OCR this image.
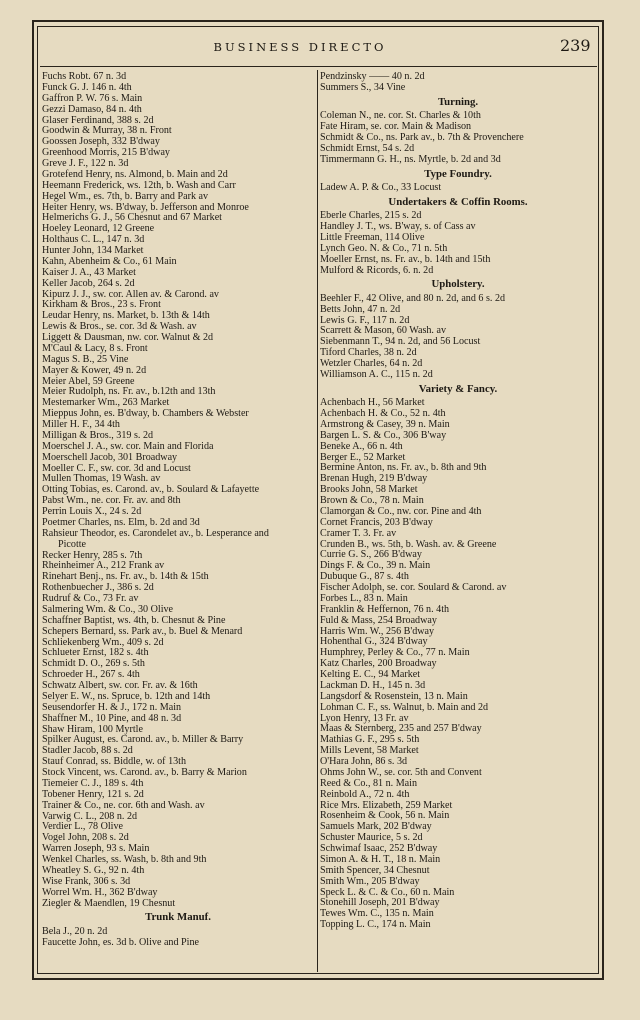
BUSINESS DIRECTO	239
Fuchs Robt. 67 n. 3d
Funck G. J. 146 n. 4th
Gaffron P. W. 76 s. Main
Gezzi Damaso, 84 n. 4th
Glaser Ferdinand, 388 s. 2d
Goodwin & Murray, 38 n. Front
Goossen Joseph, 332 B'dway
Greenhood Morris, 215 B'dway
Greve J. F., 122 n. 3d
Grotefend Henry, ns. Almond, b. Main and 2d
Heemann Frederick, ws. 12th, b. Wash and Carr
Hegel Wm., es. 7th, b. Barry and Park av
Heiter Henry, ws. B'dway, b. Jefferson and Monroe
Helmerichs G. J., 56 Chesnut and 67 Market
Hoeley Leonard, 12 Greene
Holthaus C. L., 147 n. 3d
Hunter John, 134 Market
Kahn, Abenheim & Co., 61 Main
Kaiser J. A., 43 Market
Keller Jacob, 264 s. 2d
Kipurz J. J., sw. cor. Allen av. & Carond. av
Kirkham & Bros., 23 s. Front
Leudar Henry, ns. Market, b. 13th & 14th
Lewis & Bros., se. cor. 3d & Wash. av
Liggett & Dausman, nw. cor. Walnut & 2d
M'Caul & Lacy, 8 s. Front
Magus S. B., 25 Vine
Mayer & Kower, 49 n. 2d
Meier Abel, 59 Greene
Meier Rudolph, ns. Fr. av., b.12th and 13th
Mestemarker Wm., 263 Market
Mieppus John, es. B'dway, b. Chambers & Webster
Miller H. F., 34 4th
Milligan & Bros., 319 s. 2d
Moerschel J. A., sw. cor. Main and Florida
Moerschell Jacob, 301 Broadway
Moeller C. F., sw. cor. 3d and Locust
Mullen Thomas, 19 Wash. av
Otting Tobias, es. Carond. av., b. Soulard & Lafayette
Pabst Wm., ne. cor. Fr. av. and 8th
Perrin Louis X., 24 s. 2d
Poetmer Charles, ns. Elm, b. 2d and 3d
Rahsieur Theodor, es. Carondelet av., b. Lesperance and
Picotte
Recker Henry, 285 s. 7th
Rheinheimer A., 212 Frank av
Rinehart Benj., ns. Fr. av., b. 14th & 15th
Rothenbuecher J., 386 s. 2d
Rudruf & Co., 73 Fr. av
Salmering Wm. & Co., 30 Olive
Schaffner Baptist, ws. 4th, b. Chesnut & Pine
Schepers Bernard, ss. Park av., b. Buel & Menard
Schliekenberg Wm., 409 s. 2d
Schlueter Ernst, 182 s. 4th
Schmidt D. O., 269 s. 5th
Schroeder H., 267 s. 4th
Schwatz Albert, sw. cor. Fr. av. & 16th
Selyer E. W., ns. Spruce, b. 12th and 14th
Seusendorfer H. & J., 172 n. Main
Shaffner M., 10 Pine, and 48 n. 3d
Shaw Hiram, 100 Myrtle
Spilker August, es. Carond. av., b. Miller & Barry
Stadler Jacob, 88 s. 2d
Stauf Conrad, ss. Biddle, w. of 13th
Stock Vincent, ws. Carond. av., b. Barry & Marion
Tiemeier C. J., 189 s. 4th
Tobener Henry, 121 s. 2d
Trainer & Co., ne. cor. 6th and Wash. av
Varwig C. L., 208 n. 2d
Verdier L., 78 Olive
Vogel John, 208 s. 2d
Warren Joseph, 93 s. Main
Wenkel Charles, ss. Wash, b. 8th and 9th
Wheatley S. G., 92 n. 4th
Wise Frank, 306 s. 3d
Worrel Wm. H., 362 B'dway
Ziegler & Maendlen, 19 Chesnut
Trunk Manuf.
Bela J., 20 n. 2d
Faucette John, es. 3d b. Olive and Pine
Pendzinsky —— 40 n. 2d
Summers S., 34 Vine
Turning.
Coleman N., ne. cor. St. Charles & 10th
Fate Hiram, se. cor. Main & Madison
Schmidt & Co., ns. Park av., b. 7th & Provenchere
Schmidt Ernst, 54 s. 2d
Timmermann G. H., ns. Myrtle, b. 2d and 3d
Type Foundry.
Ladew A. P. & Co., 33 Locust
Undertakers & Coffin Rooms.
Eberle Charles, 215 s. 2d
Handley J. T., ws. B'way, s. of Cass av
Little Freeman, 114 Olive
Lynch Geo. N. & Co., 71 n. 5th
Moeller Ernst, ns. Fr. av., b. 14th and 15th
Mulford & Ricords, 6. n. 2d
Upholstery.
Beehler F., 42 Olive, and 80 n. 2d, and 6 s. 2d
Betts John, 47 n. 2d
Lewis G. F., 117 n. 2d
Scarrett & Mason, 60 Wash. av
Siebenmann T., 94 n. 2d, and 56 Locust
Tiford Charles, 38 n. 2d
Wetzler Charles, 64 n. 2d
Williamson A. C., 115 n. 2d
Variety & Fancy.
Achenbach H., 56 Market
Achenbach H. & Co., 52 n. 4th
Armstrong & Casey, 39 n. Main
Bargen L. S. & Co., 306 B'way
Beneke A., 66 n. 4th
Berger E., 52 Market
Bermine Anton, ns. Fr. av., b. 8th and 9th
Brenan Hugh, 219 B'dway
Brooks John, 58 Market
Brown & Co., 78 n. Main
Clamorgan & Co., nw. cor. Pine and 4th
Cornet Francis, 203 B'dway
Cramer T. 3. Fr. av
Crunden B., ws. 5th, b. Wash. av. & Greene
Currie G. S., 266 B'dway
Dings F. & Co., 39 n. Main
Dubuque G., 87 s. 4th
Fischer Adolph, se. cor. Soulard & Carond. av
Forbes L., 83 n. Main
Franklin & Heffernon, 76 n. 4th
Fuld & Mass, 254 Broadway
Harris Wm. W., 256 B'dway
Hohenthal G., 324 B'dway
Humphrey, Perley & Co., 77 n. Main
Katz Charles, 200 Broadway
Kelting E. C., 94 Market
Lackman D. H., 145 n. 3d
Langsdorf & Rosenstein, 13 n. Main
Lohman C. F., ss. Walnut, b. Main and 2d
Lyon Henry, 13 Fr. av
Maas & Sternberg, 235 and 257 B'dway
Mathias G. F., 295 s. 5th
Mills Levent, 58 Market
O'Hara John, 86 s. 3d
Ohms John W., se. cor. 5th and Convent
Reed & Co., 81 n. Main
Reinbold A., 72 n. 4th
Rice Mrs. Elizabeth, 259 Market
Rosenheim & Cook, 56 n. Main
Samuels Mark, 202 B'dway
Schuster Maurice, 5 s. 2d
Schwimaf Isaac, 252 B'dway
Simon A. & H. T., 18 n. Main
Smith Spencer, 34 Chesnut
Smith Wm., 205 B'dway
Speck L. & C. & Co., 60 n. Main
Stonehill Joseph, 201 B'dway
Tewes Wm. C., 135 n. Main
Topping L. C., 174 n. Main
